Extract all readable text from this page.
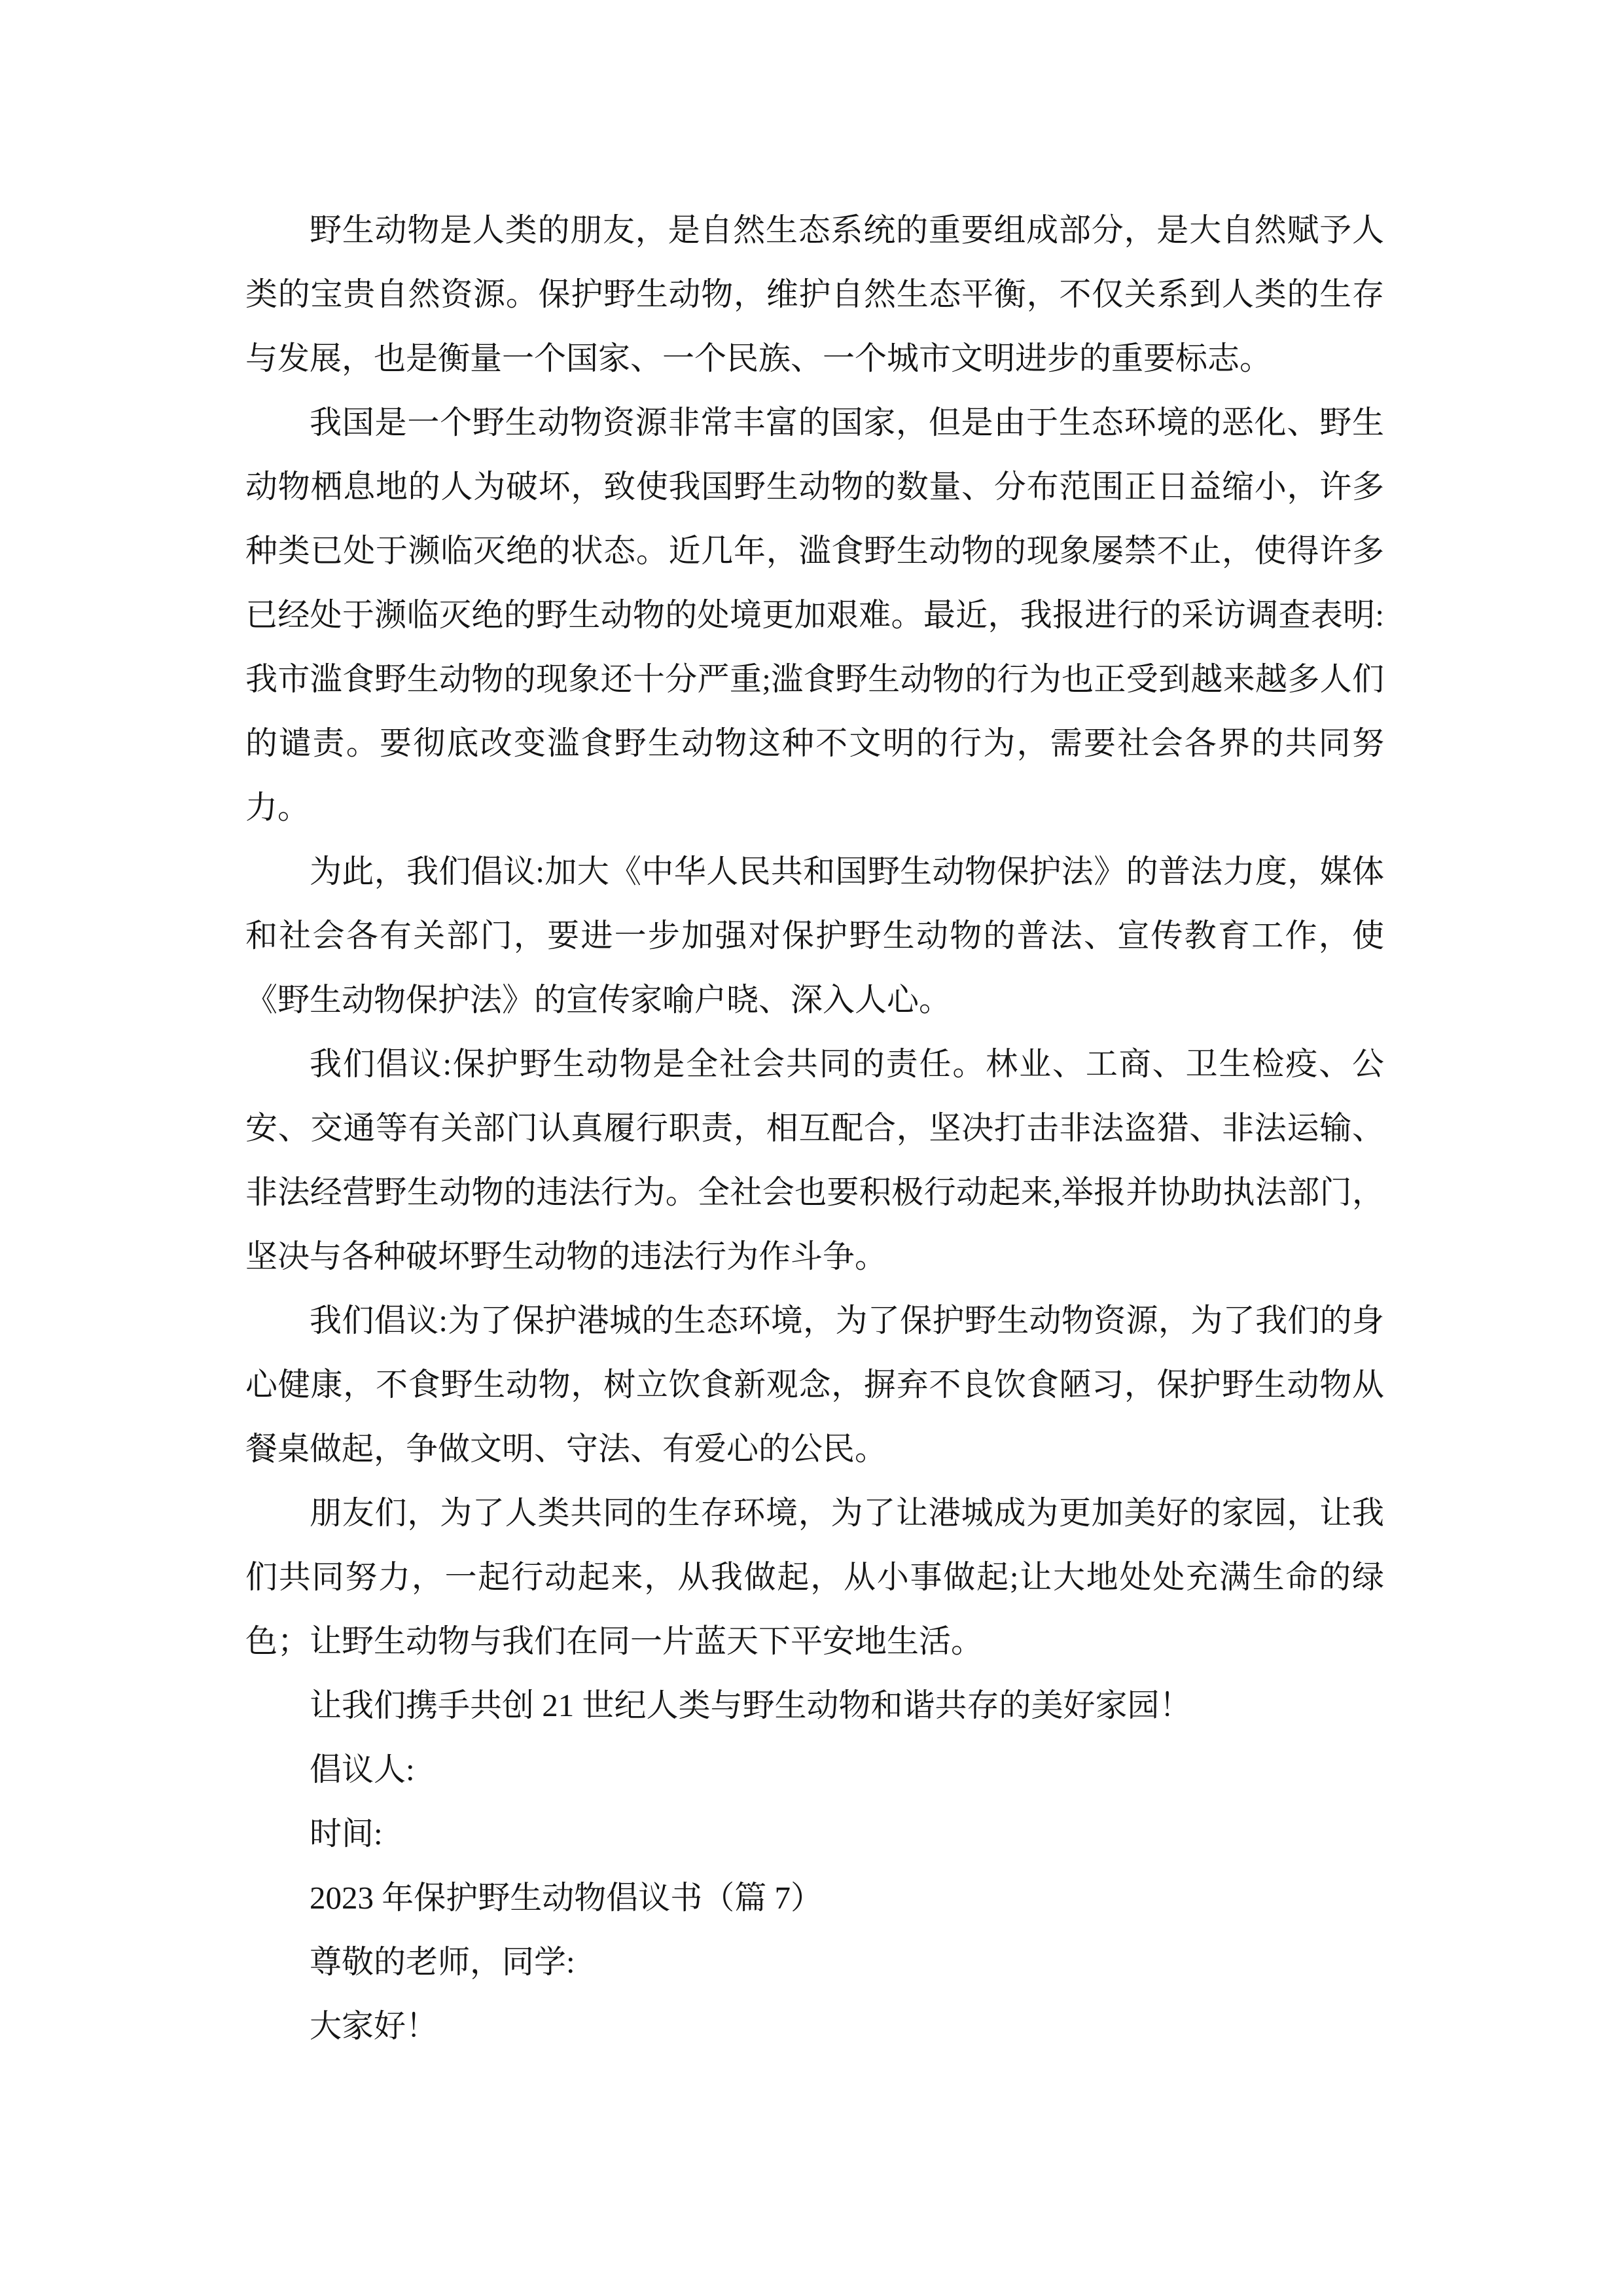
野生动物是人类的朋友，是自然生态系统的重要组成部分，是大自然赋予人类的宝贵自然资源。保护野生动物，维护自然生态平衡，不仅关系到人类的生存与发展，也是衡量一个国家、一个民族、一个城市文明进步的重要标志。

我国是一个野生动物资源非常丰富的国家，但是由于生态环境的恶化、野生动物栖息地的人为破坏，致使我国野生动物的数量、分布范围正日益缩小，许多种类已处于濒临灭绝的状态。近几年，滥食野生动物的现象屡禁不止，使得许多已经处于濒临灭绝的野生动物的处境更加艰难。最近，我报进行的采访调查表明:我市滥食野生动物的现象还十分严重;滥食野生动物的行为也正受到越来越多人们的谴责。要彻底改变滥食野生动物这种不文明的行为，需要社会各界的共同努力。

为此，我们倡议:加大《中华人民共和国野生动物保护法》的普法力度，媒体和社会各有关部门，要进一步加强对保护野生动物的普法、宣传教育工作，使《野生动物保护法》的宣传家喻户晓、深入人心。

我们倡议:保护野生动物是全社会共同的责任。林业、工商、卫生检疫、公安、交通等有关部门认真履行职责，相互配合，坚决打击非法盗猎、非法运输、非法经营野生动物的违法行为。全社会也要积极行动起来,举报并协助执法部门，坚决与各种破坏野生动物的违法行为作斗争。

我们倡议:为了保护港城的生态环境，为了保护野生动物资源，为了我们的身心健康，不食野生动物，树立饮食新观念，摒弃不良饮食陋习，保护野生动物从餐桌做起，争做文明、守法、有爱心的公民。

朋友们，为了人类共同的生存环境，为了让港城成为更加美好的家园，让我们共同努力，一起行动起来，从我做起，从小事做起;让大地处处充满生命的绿色；让野生动物与我们在同一片蓝天下平安地生活。

让我们携手共创 21 世纪人类与野生动物和谐共存的美好家园！

倡议人:

时间:

2023 年保护野生动物倡议书（篇 7）

尊敬的老师，同学:

大家好！
